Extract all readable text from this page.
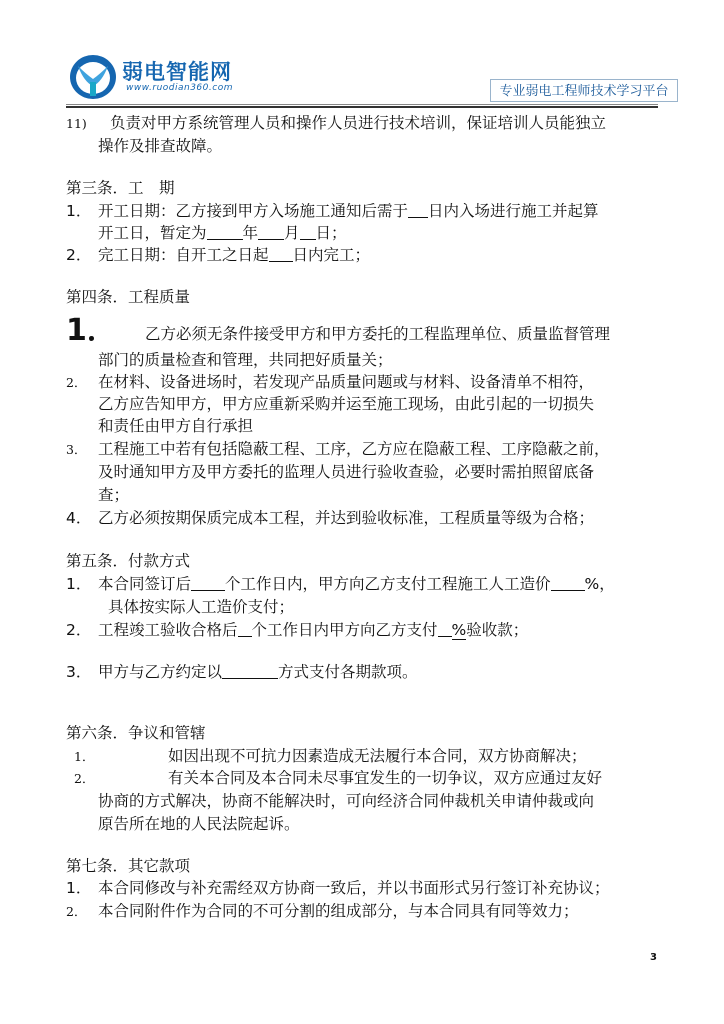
弱电智能网
www.ruodian360.com	专业弱电工程师技术学习平台
11) 负责对甲方系统管理人员和操作人员进行技术培训，保证培训人员能独立
操作及排查故障。
第三条．工　期
1． 开工日期：乙方接到甲方入场施工通知后需于 日内入场进行施工并起算
开工日，暂定为 年 月 日；
2． 完工日期：自开工之日起 日内完工；
第四条．工程质量
1． 乙方必须无条件接受甲方和甲方委托的工程监理单位、质量监督管理
部门的质量检查和管理，共同把好质量关；
2． 在材料、设备进场时，若发现产品质量问题或与材料、设备清单不相符，
乙方应告知甲方，甲方应重新采购并运至施工现场，由此引起的一切损失
和责任由甲方自行承担
3． 工程施工中若有包括隐蔽工程、工序，乙方应在隐蔽工程、工序隐蔽之前，
及时通知甲方及甲方委托的监理人员进行验收查验，必要时需拍照留底备
查；
4． 乙方必须按期保质完成本工程，并达到验收标准，工程质量等级为合格；
第五条．付款方式
1． 本合同签订后 个工作日内，甲方向乙方支付工程施工人工造价 %，
具体按实际人工造价支付；
2． 工程竣工验收合格后 个工作日内甲方向乙方支付 %验收款；
3． 甲方与乙方约定以	方式支付各期款项。
第六条．争议和管辖
1．	如因出现不可抗力因素造成无法履行本合同，双方协商解决；
2．	有关本合同及本合同未尽事宜发生的一切争议，双方应通过友好
协商的方式解决，协商不能解决时，可向经济合同仲裁机关申请仲裁或向
原告所在地的人民法院起诉。
第七条．其它款项
1． 本合同修改与补充需经双方协商一致后，并以书面形式另行签订补充协议；
2． 本合同附件作为合同的不可分割的组成部分，与本合同具有同等效力；
3
